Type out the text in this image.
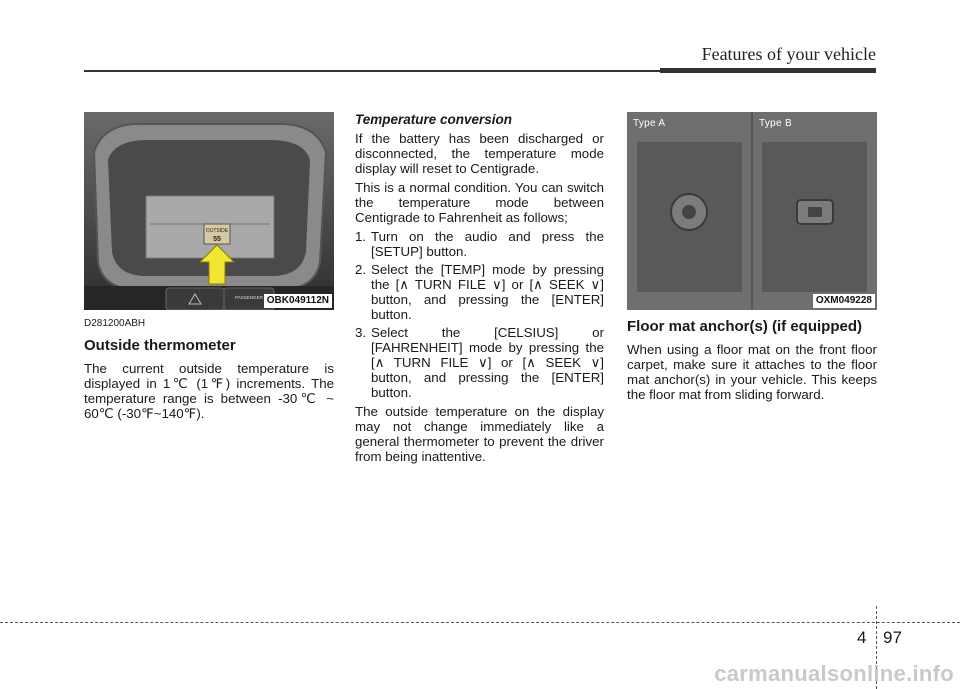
Features of your vehicle
OUTSIDE
55
PASSENGER OBK049112N
D281200ABH
Outside thermometer

The current outside temperature is displayed in 1℃ (1℉) increments. The temperature range is between -30℃ ~ 60℃ (-30℉~140℉).

Temperature conversion

If the battery has been discharged or disconnected, the temperature mode display will reset to Centigrade.

This is a normal condition. You can switch the temperature mode between Centigrade to Fahrenheit as follows;

1. Turn on the audio and press the [SETUP] button.
2. Select the [TEMP] mode by pressing the [∧ TURN FILE ∨] or [∧ SEEK ∨] button, and pressing the [ENTER] button.
3. Select the [CELSIUS] or [FAHRENHEIT] mode by pressing the [∧ TURN FILE ∨] or [∧ SEEK ∨] button, and pressing the [ENTER] button.

The outside temperature on the display may not change immediately like a general thermometer to prevent the driver from being inattentive.

Type A	Type B
OXM049228
Floor mat anchor(s) (if equipped)

When using a floor mat on the front floor carpet, make sure it attaches to the floor mat anchor(s) in your vehicle. This keeps the floor mat from sliding forward.

4 97
carmanualsonline.info
